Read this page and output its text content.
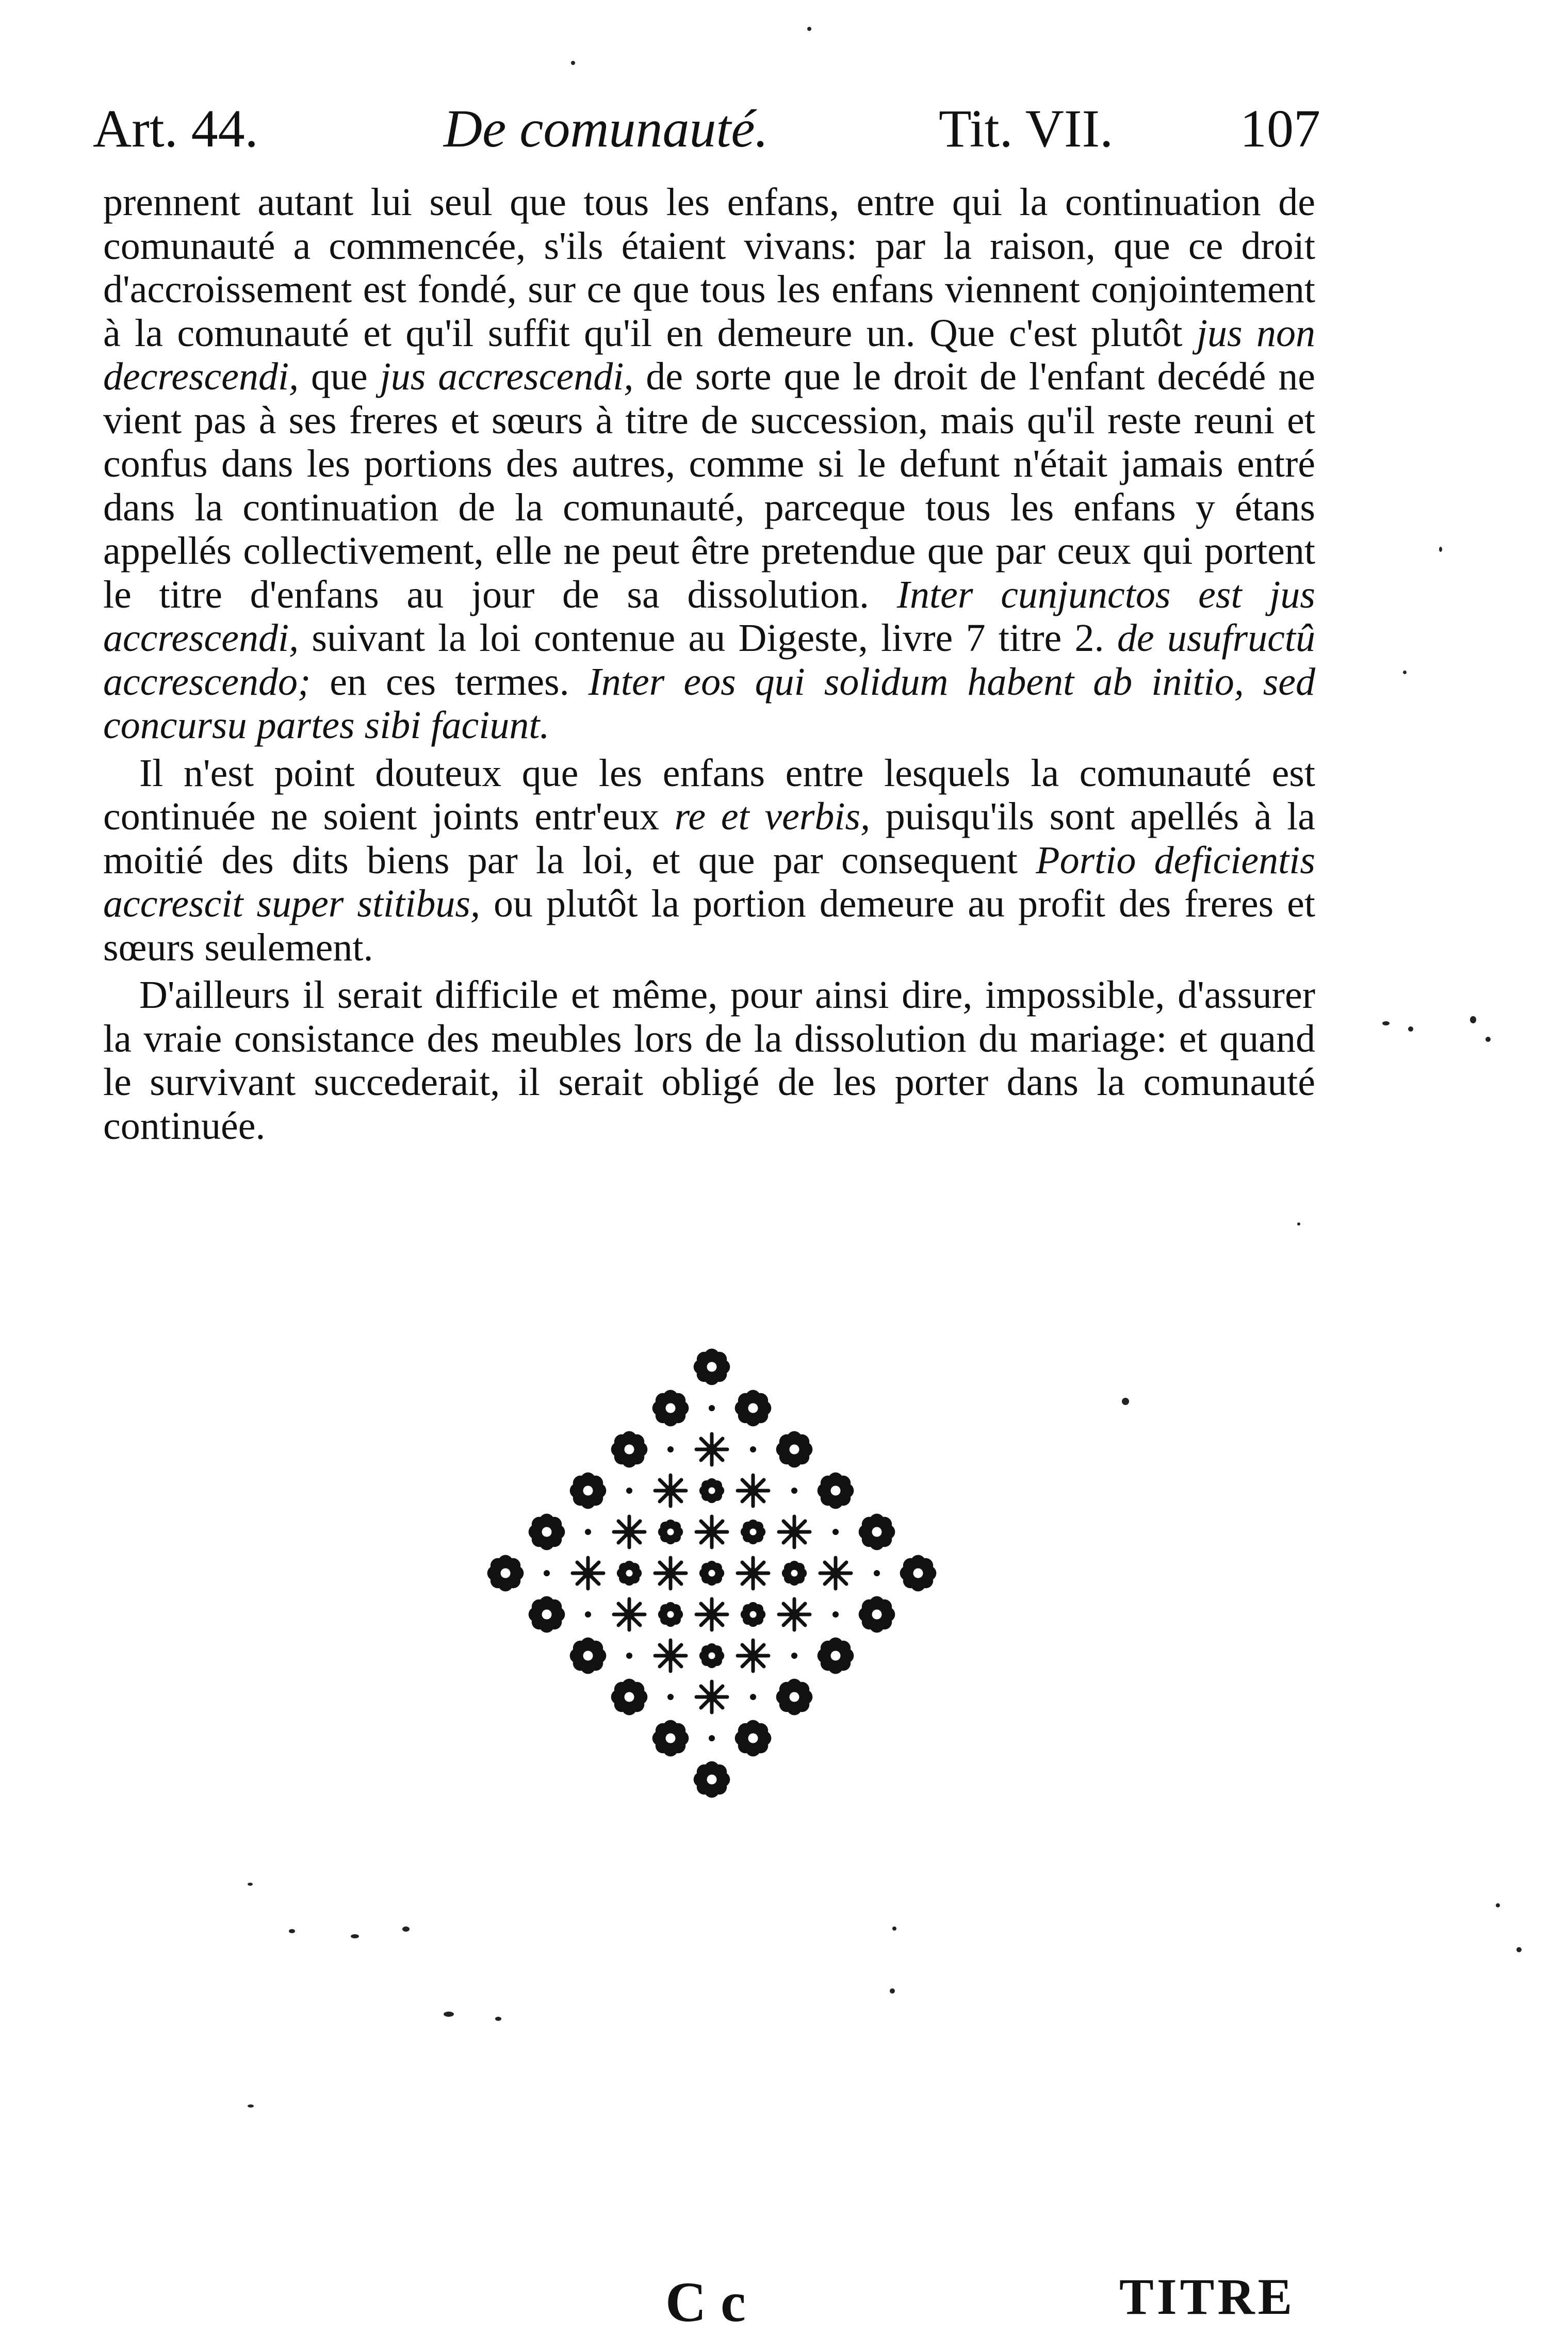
Art. 44.	De comunauté.	Tit. VII. 107

prennent autant lui seul que tous les enfans, entre qui la continuation de comunauté a commencée, s'ils étaient vivans: par la raison, que ce droit d'accroissement est fondé, sur ce que tous les enfans viennent conjointement à la comunauté et qu'il suffit qu'il en demeure un. Que c'est plutôt jus non decrescendi, que jus accrescendi, de sorte que le droit de l'enfant decédé ne vient pas à ses freres et sœurs à titre de succession, mais qu'il reste reuni et confus dans les portions des autres, comme si le defunt n'était jamais entré dans la continuation de la comunauté, parceque tous les enfans y étans appellés collectivement, elle ne peut être pretendue que par ceux qui portent le titre d'enfans au jour de sa dissolution. Inter cunjunctos est jus accrescendi, suivant la loi contenue au Digeste, livre 7 titre 2. de usufructû accrescendo; en ces termes. Inter eos qui solidum habent ab initio, sed concursu partes sibi faciunt.

Il n'est point douteux que les enfans entre lesquels la comunauté est continuée ne soient joints entr'eux re et verbis, puisqu'ils sont apellés à la moitié des dits biens par la loi, et que par consequent Portio deficientis accrescit super stitibus, ou plutôt la portion demeure au profit des freres et sœurs seulement.

D'ailleurs il serait difficile et même, pour ainsi dire, impossible, d'assurer la vraie consistance des meubles lors de la dissolution du mariage: et quand le survivant succederait, il serait obligé de les porter dans la comunauté continuée.

C c	TITRE
